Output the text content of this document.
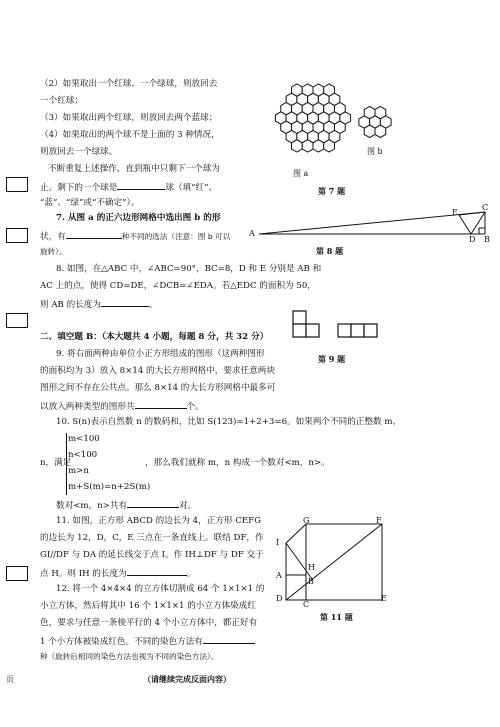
（2）如果取出一个红球、一个绿球，则放回去
一个红球；
（3）如果取出两个红球，则放回去两个蓝球；
（4）如果取出的两个球不是上面的 3 种情况，
则放回去一个绿球。
不断重复上述操作，直到瓶中只剩下一个球为
止。剩下的一个球是	球（填“红”、
“蓝”、“绿”或“不确定”）。
图 a
图 b
第 7 题
7. 从图 a 的正六边形网格中选出图 b 的形
状，有	种不同的选法（注意：图 b 可以
旋转）。
A
B
C
D
E
第 8 题
8. 如图，在△ABC 中，∠ABC=90°，BC=8，D 和 E 分别是 AB 和
AC 上的点，使得 CD=DE，∠DCB=∠EDA。若△EDC 的面积为 50，
则 AB 的长度为	。
二、填空题 B：（本大题共 4 小题，每题 8 分，共 32 分）
第 9 题
9. 将右面两种由单位小正方形组成的图形（这两种图形
的面积均为 3）放入 8×14 的大长方形网格中，要求任意两块
图形之间不存在公共点。那么 8×14 的大长方形网格中最多可
以放入两种类型的图形共	个。
10. S(n)表示自然数 n 的数码和，比如 S(123)=1+2+3=6。如果两个不同的正整数 m、
n，满足
m<100
n<100
m>n
m+S(m)=n+2S(m)
，那么我们就称 m，n 构成一个数对<m，n>。
数对<m，n>共有	对。
11. 如图，正方形 ABCD 的边长为 4，正方形 CEFG
的边长为 12，D，C，E 三点在一条直线上。联结 DF，作
GI//DF 与 DA 的延长线交于点 I。作 IH⊥DF 与 DF 交于
点 H。则 IH 的长度为	。
G	F
I
H
A
B
D
C
E
第 11 题
12. 将一个 4×4×4 的立方体切割成 64 个 1×1×1 的
小立方体，然后将其中 16 个 1×1×1 的小立方体染成红
色，要求与任意一条棱平行的 4 个小立方体中，都正好有
1 个小方体被染成红色。不同的染色方法有
种（旋转后相同的染色方法也视为不同的染色方法）。
页	（请继续完成反面内容）
